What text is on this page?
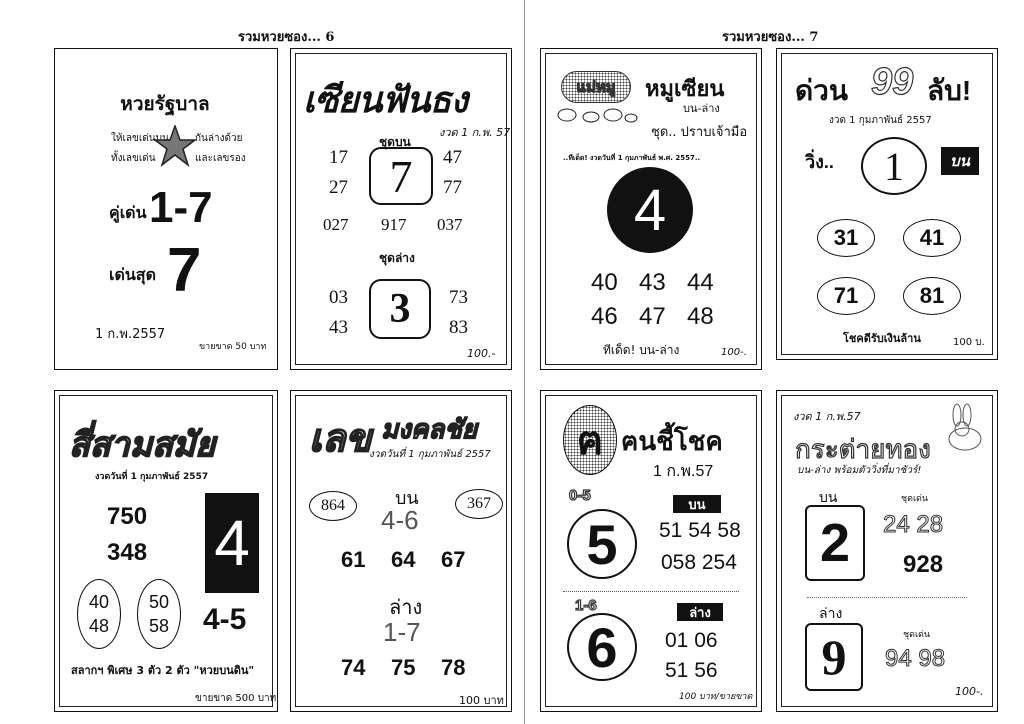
รวมหวยซอง... 6	รวมหวยซอง... 7
หวยรัฐบาล
ให้เลขเด่นบน	กันล่างด้วย
ทั้งเลขเด่น	และเลขรอง
คู่เด่น 1-7
เด่นสุด 7
1 ก.พ.2557
ขายขาด 50 บาท
เซียนฟันธง
งวด 1 ก.พ. 57
ชุดบน
17
27 7 47
77
027 917 037
ชุดล่าง
03
43 3 73
83
100.-
แม่หมู หมูเซียน
บน-ล่าง
ชุด.. ปราบเจ้ามือ
..ทีเด็ด! งวดวันที่ 1 กุมภาพันธ์ พ.ศ. 2557..
4
40 43 44
46 47 48
ทีเด็ด! บน-ล่าง	100-.
ด่วน 99 ลับ!
งวด 1 กุมภาพันธ์ 2557
วิ่ง.. 1	บน
31	41
71	81
โชคดีรับเงินล้าน	100 บ.
สี่สามสมัย
งวดวันที่ 1 กุมภาพันธ์ 2557
750
348 4
40
48
50
58 4-5
สลากฯ พิเศษ 3 ตัว 2 ตัว "หวยบนดิน"
ขายขาด 500 บาท
เลข มงคลชัย
งวดวันที่ 1 กุมภาพันธ์ 2557
864	367
บน
4-6
61 64 67
ล่าง
1-7
74 75 78
100 บาท
ฅ ฅนชี้โชค
1 ก.พ.57
0-5
บน
5 51 54 58
058 254
1-6	ล่าง
6 01 06
51 56
100 บาท/ขายขาด
งวด 1 ก.พ.57
กระต่ายทอง
บน-ล่าง พร้อมตัววิ่งที่มาชัวร์!
บน
2
ชุดเด่น
24 28
928
ล่าง
9	ชุดเด่น
94 98
100-.
